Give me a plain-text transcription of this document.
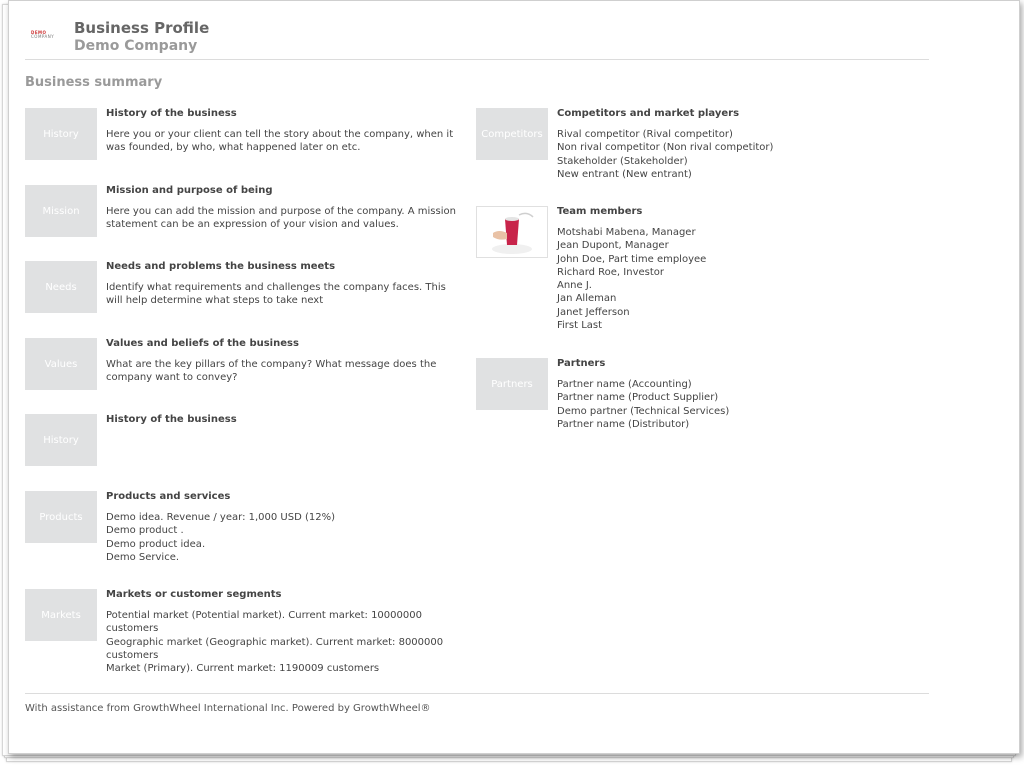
DEMO
COMPANY	Business Profile
Demo Company
Business summary
History
History of the business
Here you or your client can tell the story about the company, when it was founded, by who, what happened later on etc.
Mission
Mission and purpose of being
Here you can add the mission and purpose of the company. A mission statement can be an expression of your vision and values.
Needs
Needs and problems the business meets
Identify what requirements and challenges the company faces. This will help determine what steps to take next
Values
Values and beliefs of the business
What are the key pillars of the company? What message does the company want to convey?
History
History of the business
Products
Products and services
Demo idea. Revenue / year: 1,000 USD (12%)
Demo product .
Demo product idea.
Demo Service.
Markets
Markets or customer segments
Potential market (Potential market). Current market: 10000000 customers
Geographic market (Geographic market). Current market: 8000000 customers
Market (Primary). Current market: 1190009 customers
Competitors
Competitors and market players
Rival competitor (Rival competitor)
Non rival competitor (Non rival competitor)
Stakeholder (Stakeholder)
New entrant (New entrant)
Team members
Motshabi Mabena, Manager
Jean Dupont, Manager
John Doe, Part time employee
Richard Roe, Investor
Anne J.
Jan Alleman
Janet Jefferson
First Last
Partners
Partners
Partner name (Accounting)
Partner name (Product Supplier)
Demo partner (Technical Services)
Partner name (Distributor)
With assistance from GrowthWheel International Inc. Powered by GrowthWheel®
